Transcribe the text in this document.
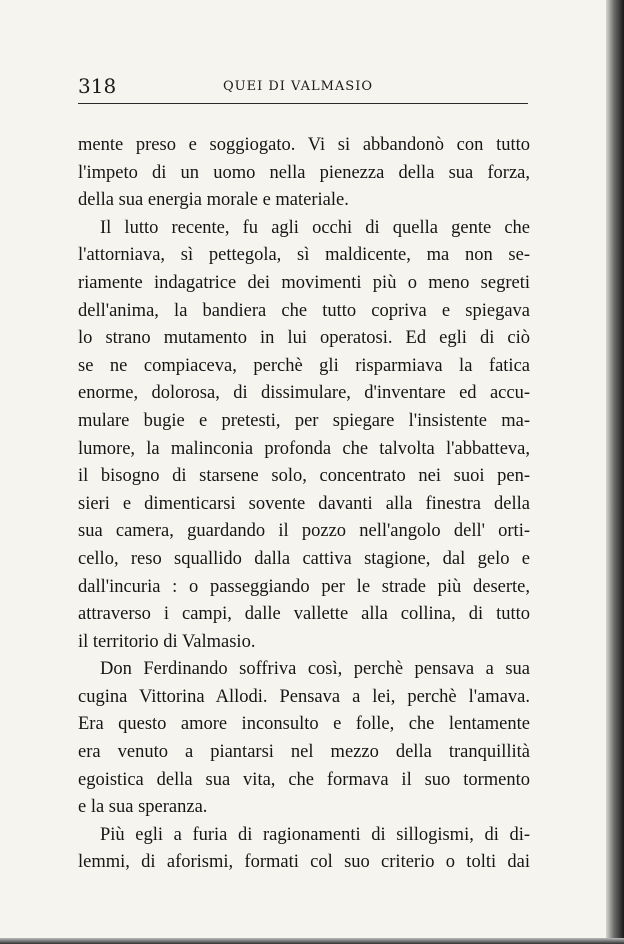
318	QUEI DI VALMASIO
mente preso e soggiogato. Vi si abbandonò con tutto
l'impeto di un uomo nella pienezza della sua forza,
della sua energia morale e materiale.
Il lutto recente, fu agli occhi di quella gente che
l'attorniava, sì pettegola, sì maldicente, ma non se-
riamente indagatrice dei movimenti più o meno segreti
dell'anima, la bandiera che tutto copriva e spiegava
lo strano mutamento in lui operatosi. Ed egli di ciò
se ne compiaceva, perchè gli risparmiava la fatica
enorme, dolorosa, di dissimulare, d'inventare ed accu-
mulare bugie e pretesti, per spiegare l'insistente ma-
lumore, la malinconia profonda che talvolta l'abbatteva,
il bisogno di starsene solo, concentrato nei suoi pen-
sieri e dimenticarsi sovente davanti alla finestra della
sua camera, guardando il pozzo nell'angolo dell' orti-
cello, reso squallido dalla cattiva stagione, dal gelo e
dall'incuria : o passeggiando per le strade più deserte,
attraverso i campi, dalle vallette alla collina, di tutto
il territorio di Valmasio.
Don Ferdinando soffriva così, perchè pensava a sua
cugina Vittorina Allodi. Pensava a lei, perchè l'amava.
Era questo amore inconsulto e folle, che lentamente
era venuto a piantarsi nel mezzo della tranquillità
egoistica della sua vita, che formava il suo tormento
e la sua speranza.
Più egli a furia di ragionamenti di sillogismi, di di-
lemmi, di aforismi, formati col suo criterio o tolti dai
